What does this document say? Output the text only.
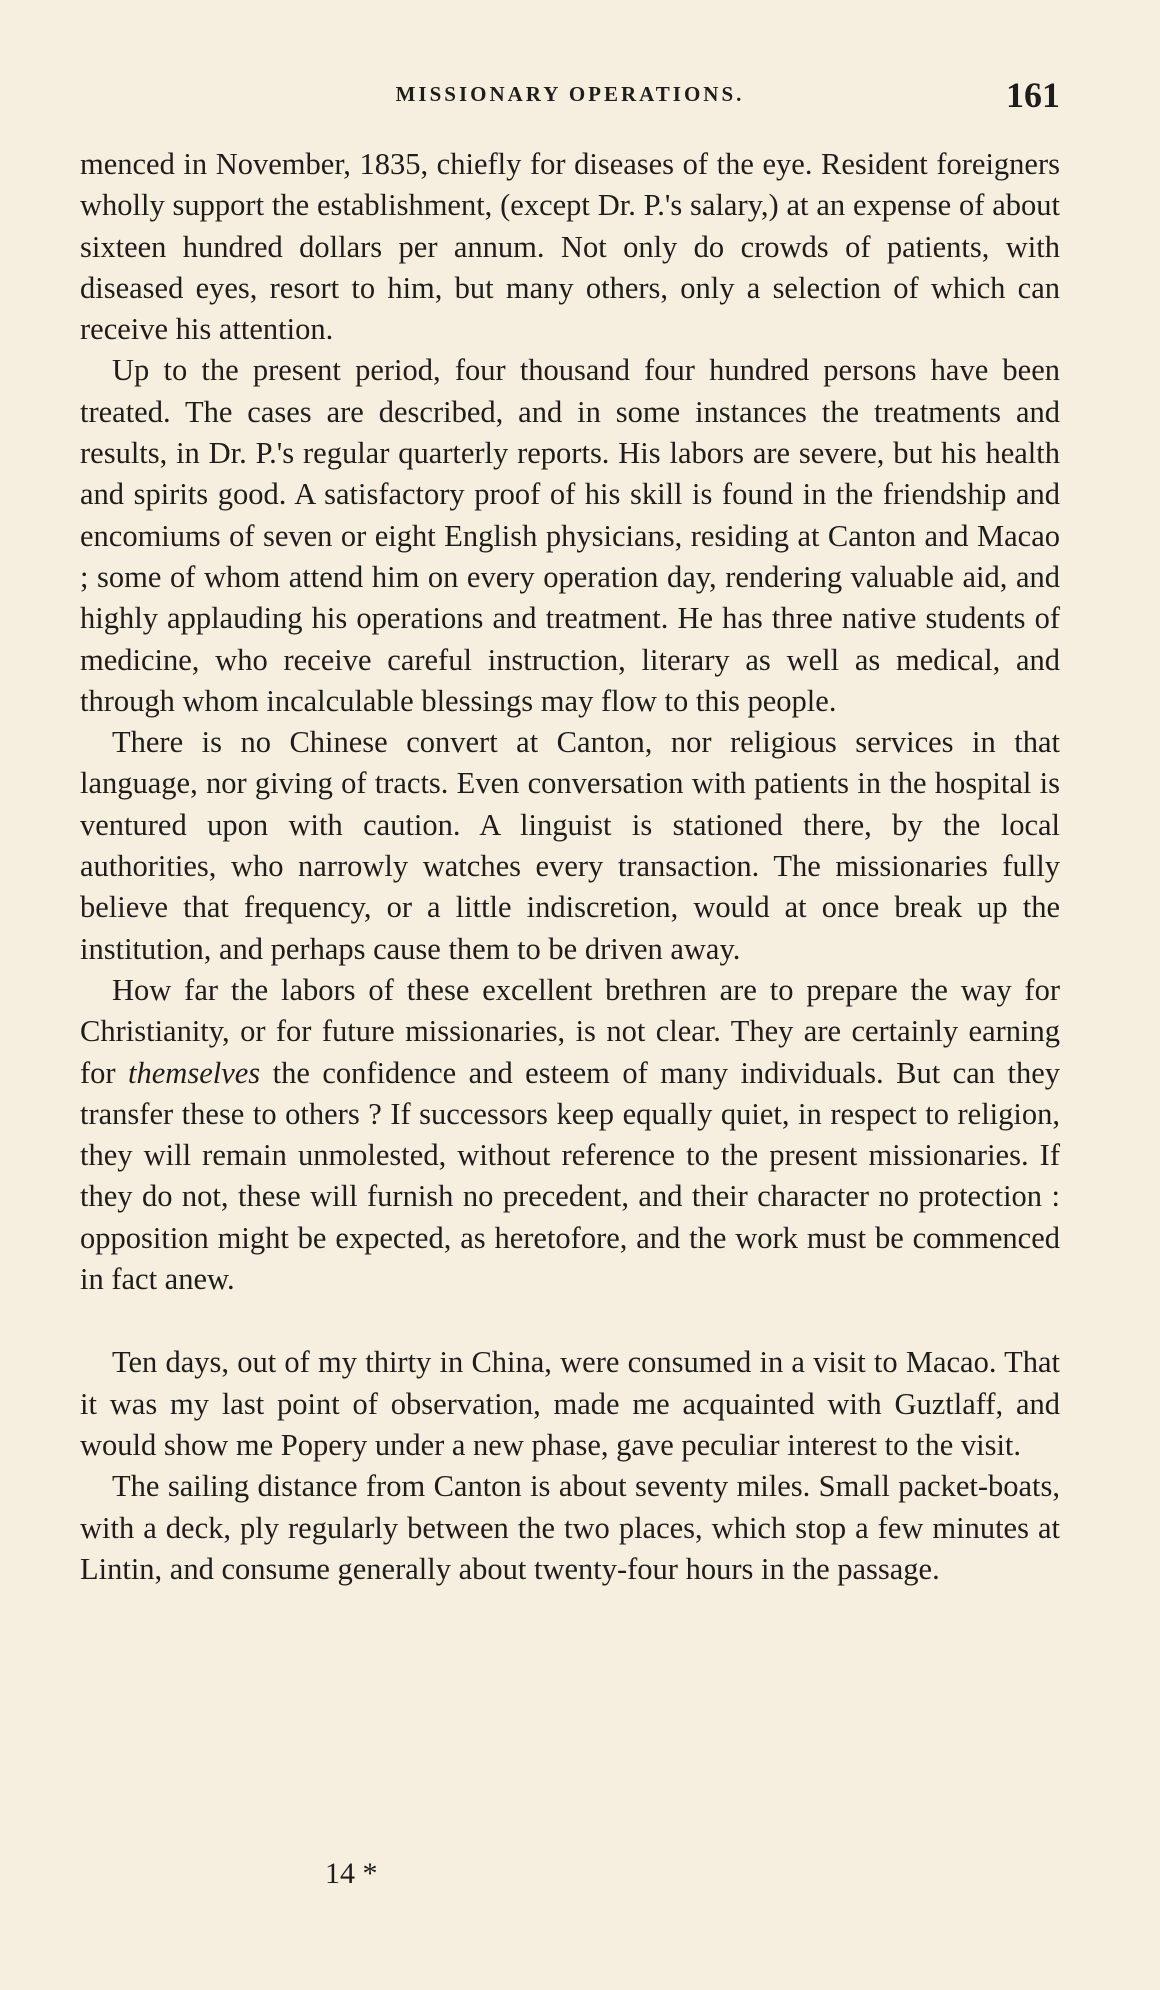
MISSIONARY OPERATIONS.	161

menced in November, 1835, chiefly for diseases of the eye. Resident foreigners wholly support the establishment, (except Dr. P.'s salary,) at an expense of about sixteen hundred dollars per annum. Not only do crowds of patients, with diseased eyes, resort to him, but many others, only a selection of which can receive his attention.

Up to the present period, four thousand four hundred persons have been treated. The cases are described, and in some instances the treatments and results, in Dr. P.'s regular quarterly reports. His labors are severe, but his health and spirits good. A satisfactory proof of his skill is found in the friendship and encomiums of seven or eight English physicians, residing at Canton and Macao ; some of whom attend him on every operation day, rendering valuable aid, and highly applauding his operations and treatment. He has three native students of medicine, who receive careful instruction, literary as well as medical, and through whom incalculable blessings may flow to this people.

There is no Chinese convert at Canton, nor religious services in that language, nor giving of tracts. Even conversation with patients in the hospital is ventured upon with caution. A linguist is stationed there, by the local authorities, who narrowly watches every transaction. The missionaries fully believe that frequency, or a little indiscretion, would at once break up the institution, and perhaps cause them to be driven away.

How far the labors of these excellent brethren are to prepare the way for Christianity, or for future missionaries, is not clear. They are certainly earning for themselves the confidence and esteem of many individuals. But can they transfer these to others ? If successors keep equally quiet, in respect to religion, they will remain unmolested, without reference to the present missionaries. If they do not, these will furnish no precedent, and their character no protection : opposition might be expected, as heretofore, and the work must be commenced in fact anew.

Ten days, out of my thirty in China, were consumed in a visit to Macao. That it was my last point of observation, made me acquainted with Guztlaff, and would show me Popery under a new phase, gave peculiar interest to the visit.

The sailing distance from Canton is about seventy miles. Small packet-boats, with a deck, ply regularly between the two places, which stop a few minutes at Lintin, and consume generally about twenty-four hours in the passage.

14 *
